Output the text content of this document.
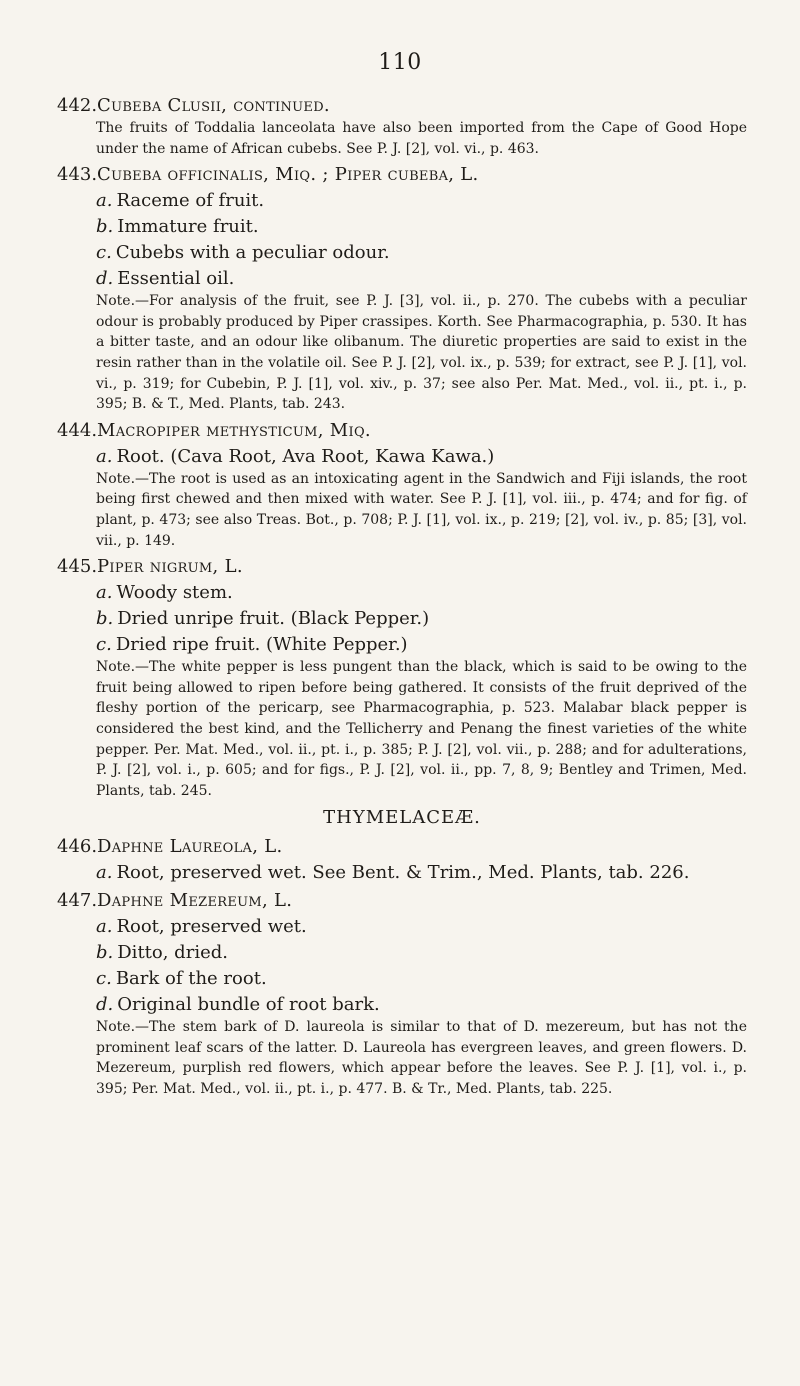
110
442.Cubeba Clusii, continued.
The fruits of Toddalia lanceolata have also been imported from the Cape of Good Hope under the name of African cubebs. See P. J. [2], vol. vi., p. 463.
443.Cubeba officinalis, Miq. ; Piper cubeba, L.
a. Raceme of fruit.
b. Immature fruit.
c. Cubebs with a peculiar odour.
d. Essential oil.
Note.—For analysis of the fruit, see P. J. [3], vol. ii., p. 270. The cubebs with a peculiar odour is probably produced by Piper crassipes. Korth. See Pharmacographia, p. 530. It has a bitter taste, and an odour like olibanum. The diuretic properties are said to exist in the resin rather than in the volatile oil. See P. J. [2], vol. ix., p. 539; for extract, see P. J. [1], vol. vi., p. 319; for Cubebin, P. J. [1], vol. xiv., p. 37; see also Per. Mat. Med., vol. ii., pt. i., p. 395; B. & T., Med. Plants, tab. 243.
444.Macropiper methysticum, Miq.
a. Root. (Cava Root, Ava Root, Kawa Kawa.)
Note.—The root is used as an intoxicating agent in the Sandwich and Fiji islands, the root being first chewed and then mixed with water. See P. J. [1], vol. iii., p. 474; and for fig. of plant, p. 473; see also Treas. Bot., p. 708; P. J. [1], vol. ix., p. 219; [2], vol. iv., p. 85; [3], vol. vii., p. 149.
445.Piper nigrum, L.
a. Woody stem.
b. Dried unripe fruit. (Black Pepper.)
c. Dried ripe fruit. (White Pepper.)
Note.—The white pepper is less pungent than the black, which is said to be owing to the fruit being allowed to ripen before being gathered. It consists of the fruit deprived of the fleshy portion of the pericarp, see Pharmacographia, p. 523. Malabar black pepper is considered the best kind, and the Tellicherry and Penang the finest varieties of the white pepper. Per. Mat. Med., vol. ii., pt. i., p. 385; P. J. [2], vol. vii., p. 288; and for adulterations, P. J. [2], vol. i., p. 605; and for figs., P. J. [2], vol. ii., pp. 7, 8, 9; Bentley and Trimen, Med. Plants, tab. 245.
THYMELACEÆ.
446.Daphne Laureola, L.
a. Root, preserved wet. See Bent. & Trim., Med. Plants, tab. 226.
447.Daphne Mezereum, L.
a. Root, preserved wet.
b. Ditto, dried.
c. Bark of the root.
d. Original bundle of root bark.
Note.—The stem bark of D. laureola is similar to that of D. mezereum, but has not the prominent leaf scars of the latter. D. Laureola has evergreen leaves, and green flowers. D. Mezereum, purplish red flowers, which appear before the leaves. See P. J. [1], vol. i., p. 395; Per. Mat. Med., vol. ii., pt. i., p. 477. B. & Tr., Med. Plants, tab. 225.
